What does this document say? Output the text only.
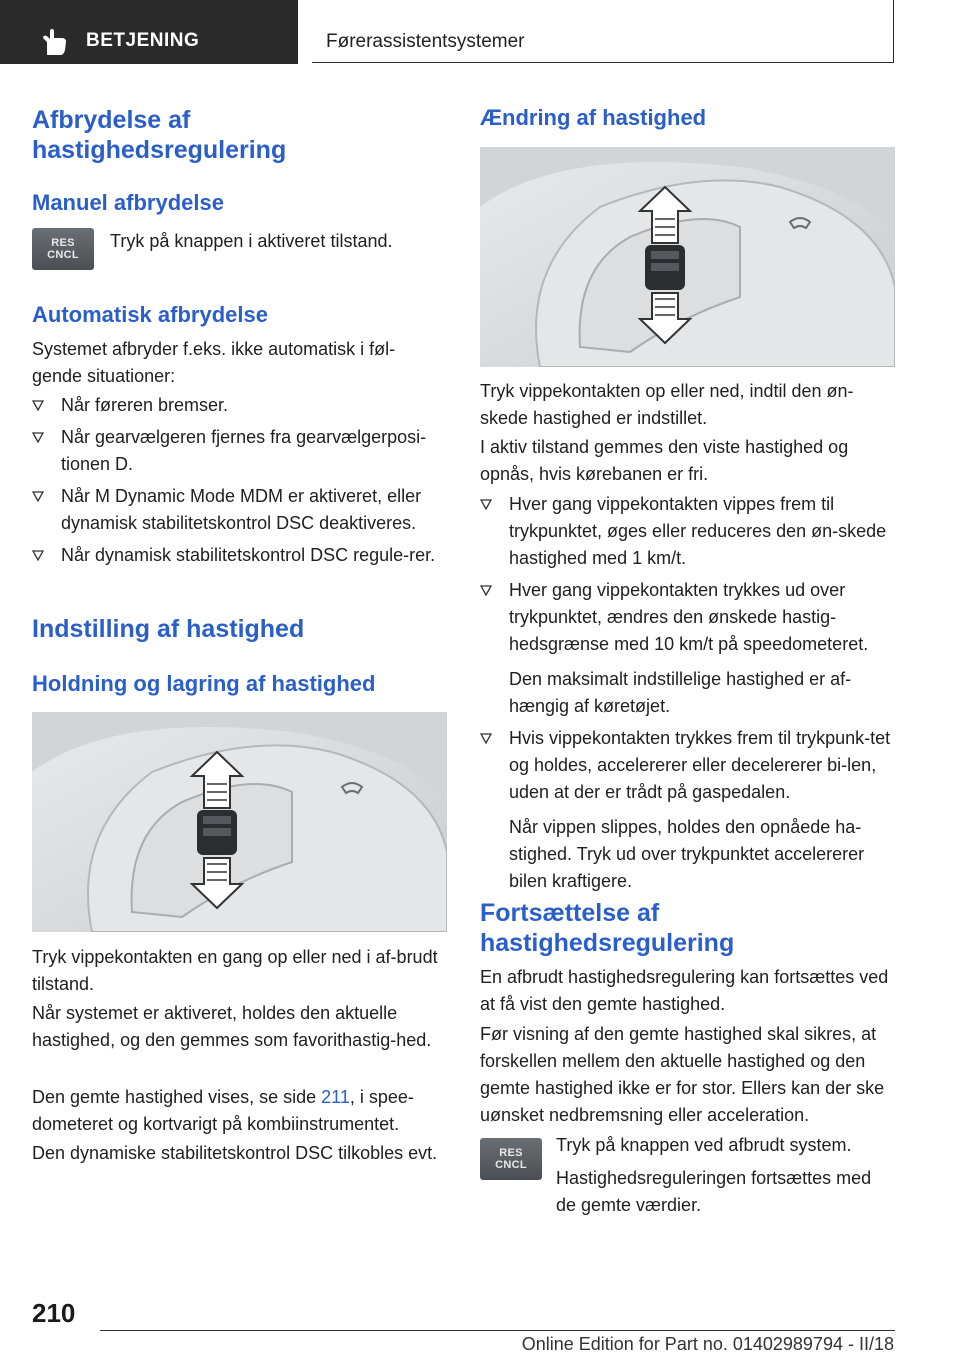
BETJENING	Førerassistentsystemer
Afbrydelse af hastighedsregulering
Manuel afbrydelse
RES
CNCL

Tryk på knappen i aktiveret tilstand.

Automatisk afbrydelse

Systemet afbryder f.eks. ikke automatisk i føl-gende situationer:

Når føreren bremser.
Når gearvælgeren fjernes fra gearvælgerposi-tionen D.
Når M Dynamic Mode MDM er aktiveret, eller dynamisk stabilitetskontrol DSC deaktiveres.
Når dynamisk stabilitetskontrol DSC regule-rer.
Indstilling af hastighed
Holdning og lagring af hastighed

Tryk vippekontakten en gang op eller ned i af-brudt tilstand.

Når systemet er aktiveret, holdes den aktuelle hastighed, og den gemmes som favorithastig-hed.

Den gemte hastighed vises, se side 211, i spee-dometeret og kortvarigt på kombiinstrumentet.

Den dynamiske stabilitetskontrol DSC tilkobles evt.

Ændring af hastighed

Tryk vippekontakten op eller ned, indtil den øn-skede hastighed er indstillet.

I aktiv tilstand gemmes den viste hastighed og opnås, hvis kørebanen er fri.

Hver gang vippekontakten vippes frem til trykpunktet, øges eller reduceres den øn-skede hastighed med 1 km/t.
Hver gang vippekontakten trykkes ud over trykpunktet, ændres den ønskede hastig-hedsgrænse med 10 km/t på speedometeret.
Den maksimalt indstillelige hastighed er af-hængig af køretøjet.
Hvis vippekontakten trykkes frem til trykpunk-tet og holdes, accelererer eller decelererer bi-len, uden at der er trådt på gaspedalen.
Når vippen slippes, holdes den opnåede ha-stighed. Tryk ud over trykpunktet accelererer bilen kraftigere.
Fortsættelse af hastighedsregulering

En afbrudt hastighedsregulering kan fortsættes ved at få vist den gemte hastighed.

Før visning af den gemte hastighed skal sikres, at forskellen mellem den aktuelle hastighed og den gemte hastighed ikke er for stor. Ellers kan der ske uønsket nedbremsning eller acceleration.

RES
CNCL

Tryk på knappen ved afbrudt system.

Hastighedsreguleringen fortsættes med de gemte værdier.

210
Online Edition for Part no. 01402989794 - II/18
